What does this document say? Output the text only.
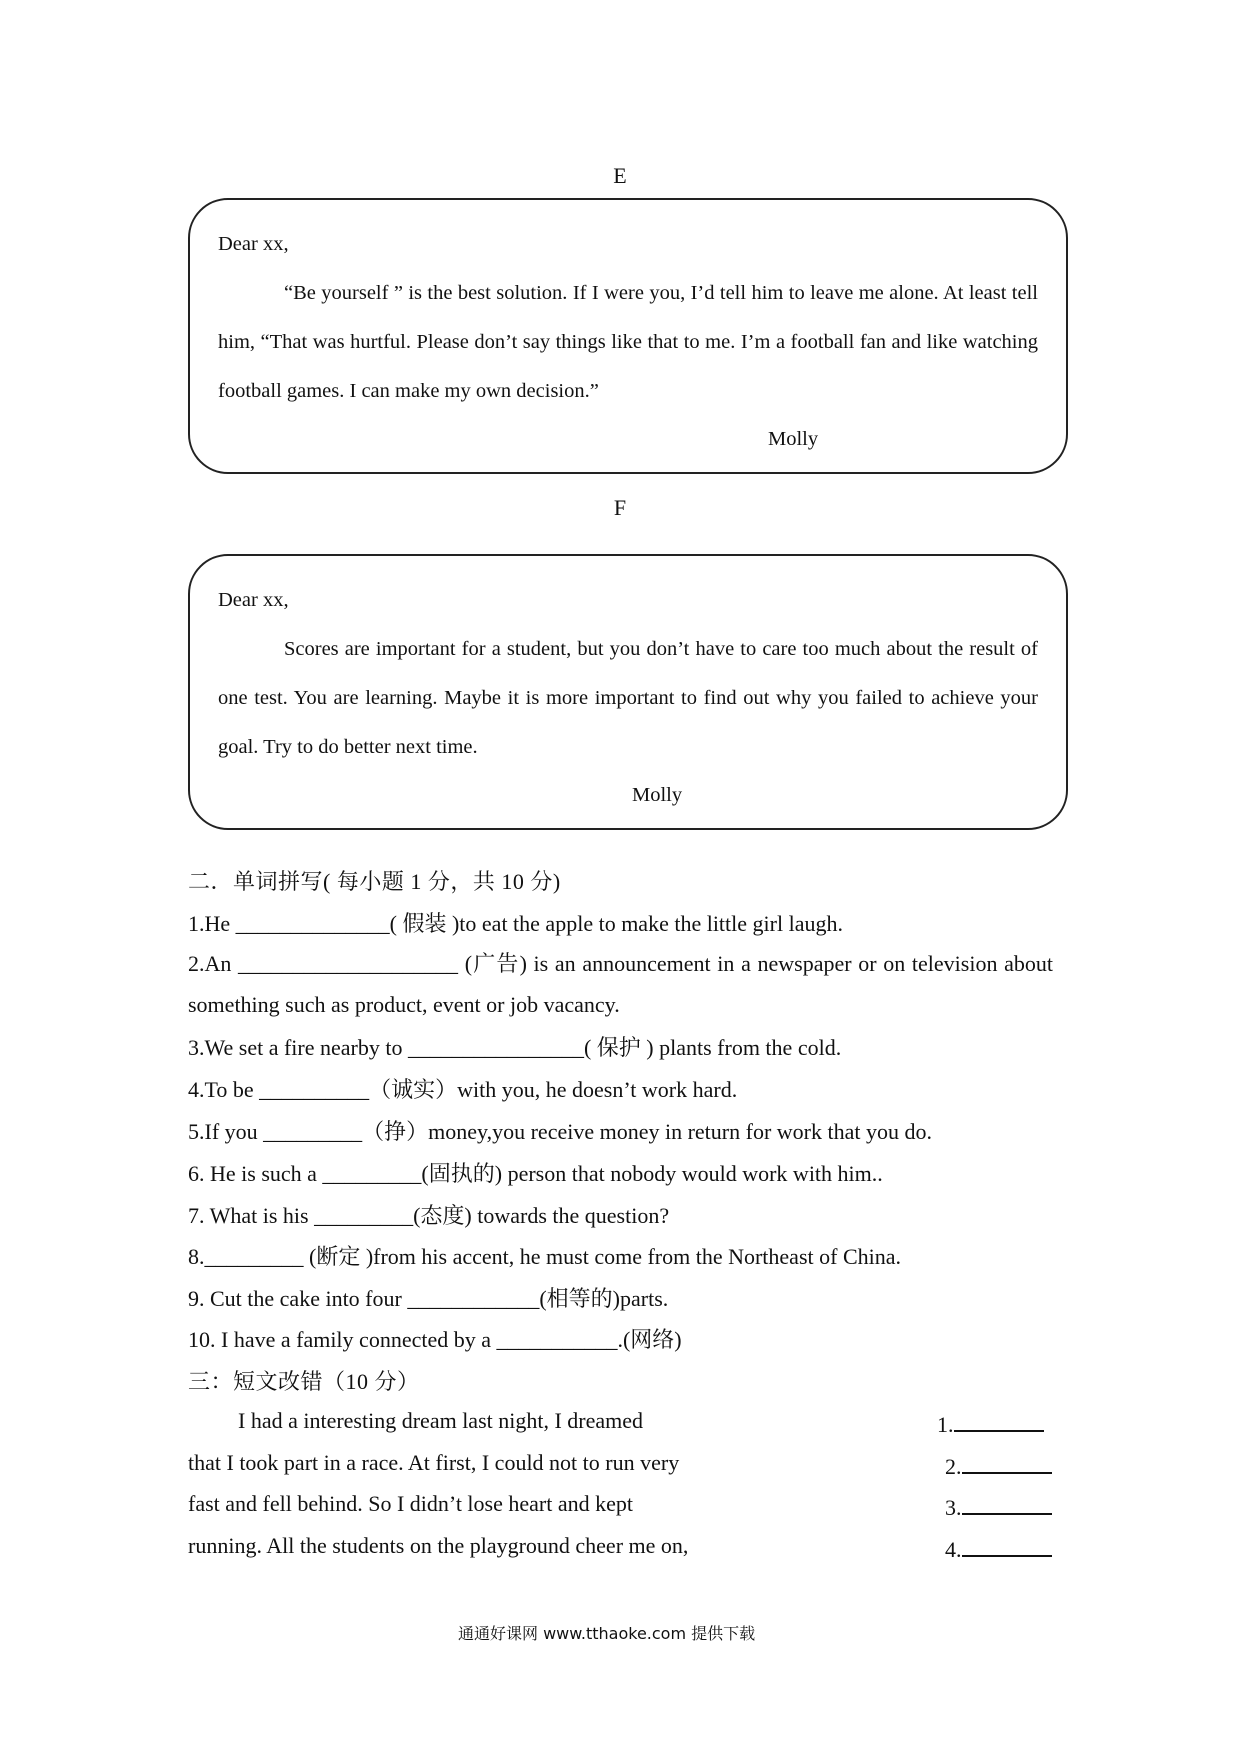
E
Dear xx,

“Be yourself ” is the best solution. If I were you, I’d tell him to leave me alone. At least tell him, “That was hurtful. Please don’t say things like that to me. I’m a football fan and like watching football games. I can make my own decision.”

Molly
F
Dear xx,

Scores are important for a student, but you don’t have to care too much about the result of one test. You are learning. Maybe it is more important to find out why you failed to achieve your goal. Try to do better next time.

Molly
二．单词拼写( 每小题 1 分，共 10 分)
1.He ______________( 假装 )to eat the apple to make the little girl laugh.

2.An ____________________ (广告) is an announcement in a newspaper or on television about something such as product, event or job vacancy.

3.We set a fire nearby to ________________( 保护 ) plants from the cold.
4.To be __________（诚实）with you, he doesn’t work hard.
5.If you _________（挣）money,you receive money in return for work that you do.
6. He is such a _________(固执的) person that nobody would work with him..
7. What is his _________(态度) towards the question?
8._________ (断定 )from his accent, he must come from the Northeast of China.
9. Cut the cake into four ____________(相等的)parts.
10. I have a family connected by a ___________.(网络)
三：短文改错（10 分）
I had a interesting dream last night, I dreamed
that I took part in a race. At first, I could not to run very
fast and fell behind. So I didn’t lose heart and kept
running. All the students on the playground cheer me on,
1.
2.
3.
4.
通通好课网 www.tthaoke.com 提供下载
